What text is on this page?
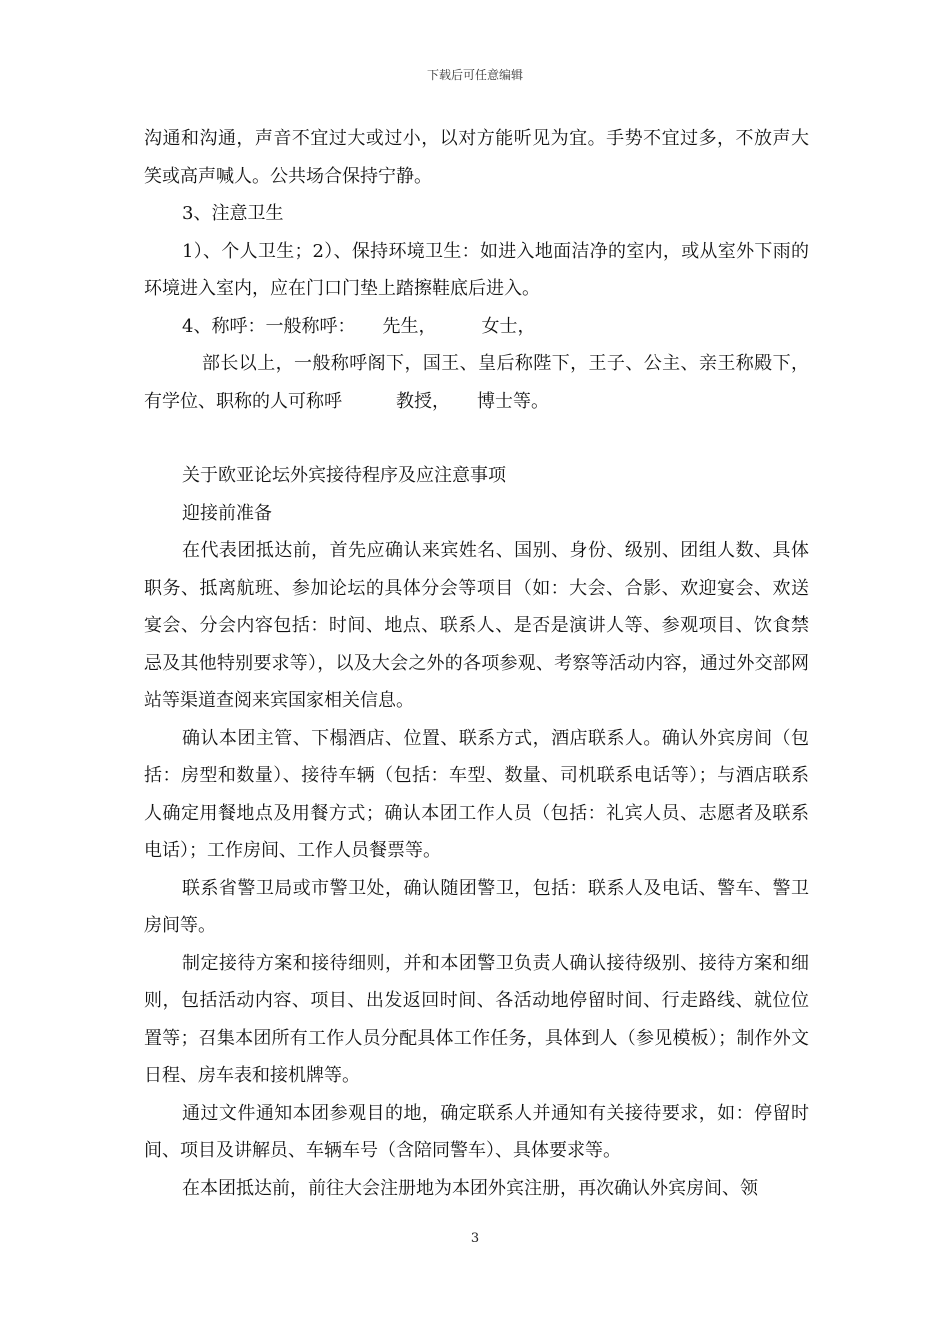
下载后可任意编辑

沟通和沟通，声音不宜过大或过小，以对方能听见为宜。手势不宜过多，不放声大笑或高声喊人。公共场合保持宁静。

3、注意卫生

1）、个人卫生；2）、保持环境卫生：如进入地面洁净的室内，或从室外下雨的环境进入室内，应在门口门垫上踏擦鞋底后进入。

4、称呼：一般称呼：　　先生，　　　女士，

部长以上，一般称呼阁下，国王、皇后称陛下，王子、公主、亲王称殿下，有学位、职称的人可称呼　　　教授，　　博士等。

关于欧亚论坛外宾接待程序及应注意事项

迎接前准备

在代表团抵达前，首先应确认来宾姓名、国别、身份、级别、团组人数、具体职务、抵离航班、参加论坛的具体分会等项目（如：大会、合影、欢迎宴会、欢送宴会、分会内容包括：时间、地点、联系人、是否是演讲人等、参观项目、饮食禁忌及其他特别要求等），以及大会之外的各项参观、考察等活动内容，通过外交部网站等渠道查阅来宾国家相关信息。

确认本团主管、下榻酒店、位置、联系方式，酒店联系人。确认外宾房间（包括：房型和数量）、接待车辆（包括：车型、数量、司机联系电话等）；与酒店联系人确定用餐地点及用餐方式；确认本团工作人员（包括：礼宾人员、志愿者及联系电话）；工作房间、工作人员餐票等。

联系省警卫局或市警卫处，确认随团警卫，包括：联系人及电话、警车、警卫房间等。

制定接待方案和接待细则，并和本团警卫负责人确认接待级别、接待方案和细则，包括活动内容、项目、出发返回时间、各活动地停留时间、行走路线、就位位置等；召集本团所有工作人员分配具体工作任务，具体到人（参见模板）；制作外文日程、房车表和接机牌等。

通过文件通知本团参观目的地，确定联系人并通知有关接待要求，如：停留时间、项目及讲解员、车辆车号（含陪同警车）、具体要求等。

在本团抵达前，前往大会注册地为本团外宾注册，再次确认外宾房间、领

3
